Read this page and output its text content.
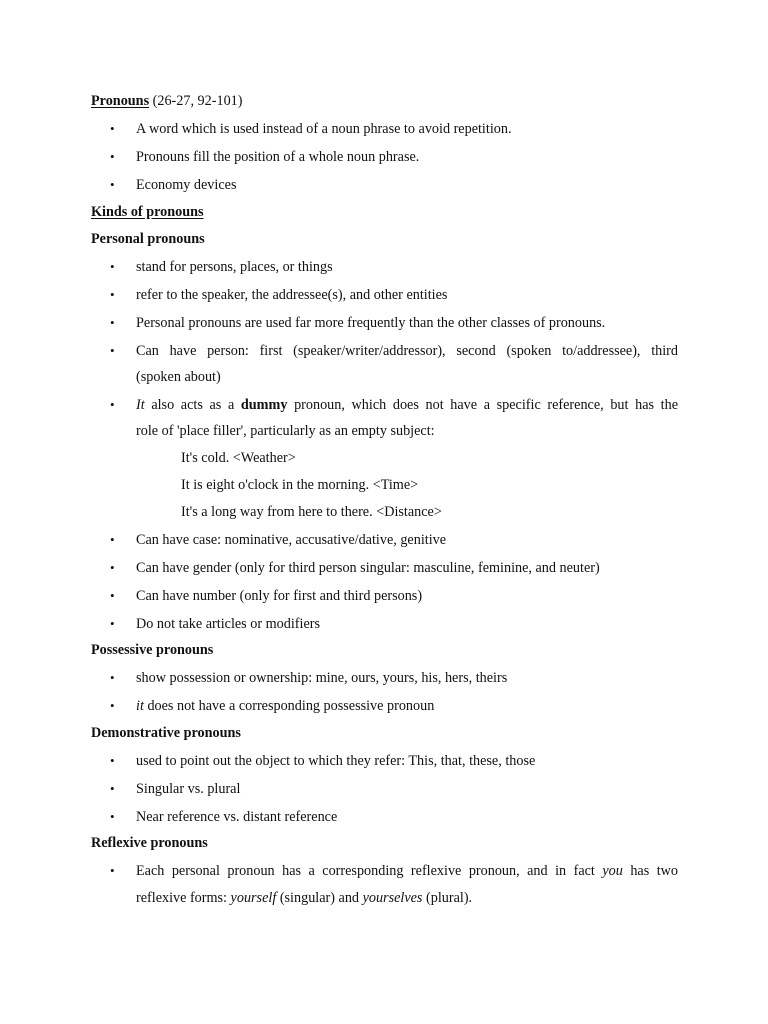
Pronouns (26-27, 92-101)
• A word which is used instead of a noun phrase to avoid repetition.
• Pronouns fill the position of a whole noun phrase.
• Economy devices
Kinds of pronouns
Personal pronouns
• stand for persons, places, or things
• refer to the speaker, the addressee(s), and other entities
• Personal pronouns are used far more frequently than the other classes of pronouns.
• Can have person: first (speaker/writer/addressor), second (spoken to/addressee), third
(spoken about)
• It also acts as a dummy pronoun, which does not have a specific reference, but has the
role of 'place filler', particularly as an empty subject:
It's cold. <Weather>
It is eight o'clock in the morning. <Time>
It's a long way from here to there. <Distance>
• Can have case: nominative, accusative/dative, genitive
• Can have gender (only for third person singular: masculine, feminine, and neuter)
• Can have number (only for first and third persons)
• Do not take articles or modifiers
Possessive pronouns
• show possession or ownership: mine, ours, yours, his, hers, theirs
• it does not have a corresponding possessive pronoun
Demonstrative pronouns
• used to point out the object to which they refer: This, that, these, those
• Singular vs. plural
• Near reference vs. distant reference
Reflexive pronouns
• Each personal pronoun has a corresponding reflexive pronoun, and in fact you has two
reflexive forms: yourself (singular) and yourselves (plural).
